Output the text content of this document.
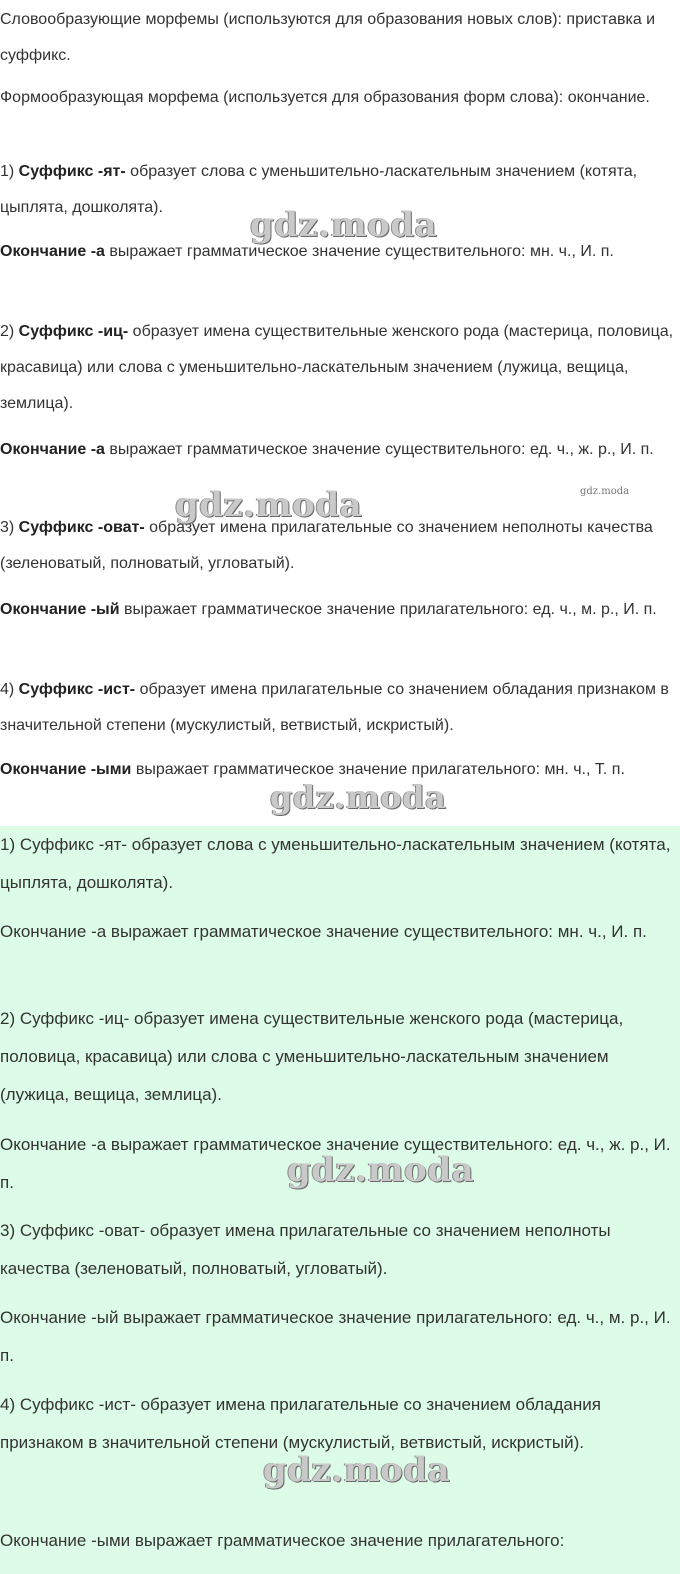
Словообразующие морфемы (используются для образования новых слов): приставка и суффикс.

Формообразующая морфема (используется для образования форм слова): окончание.

1) Суффикс -ят- образует слова с уменьшительно-ласкательным значением (котята, цыплята, дошколята).

Окончание -а выражает грамматическое значение существительного: мн. ч., И. п.

2) Суффикс -иц- образует имена существительные женского рода (мастерица, половица, красавица) или слова с уменьшительно-ласкательным значением (лужица, вещица, землица).

Окончание -а выражает грамматическое значение существительного: ед. ч., ж. р., И. п.

3) Суффикс -оват- образует имена прилагательные со значением неполноты качества (зеленоватый, полноватый, угловатый).

Окончание -ый выражает грамматическое значение прилагательного: ед. ч., м. р., И. п.

4) Суффикс -ист- образует имена прилагательные со значением обладания признаком в значительной степени (мускулистый, ветвистый, искристый).

Окончание -ыми выражает грамматическое значение прилагательного: мн. ч., Т. п.

1) Суффикс -ят- образует слова с уменьшительно-ласкательным значением (котята, цыплята, дошколята).

Окончание -а выражает грамматическое значение существительного: мн. ч., И. п.

2) Суффикс -иц- образует имена существительные женского рода (мастерица, половица, красавица) или слова с уменьшительно-ласкательным значением (лужица, вещица, землица).

Окончание -а выражает грамматическое значение существительного: ед. ч., ж. р., И. п.

3) Суффикс -оват- образует имена прилагательные со значением неполноты качества (зеленоватый, полноватый, угловатый).

Окончание -ый выражает грамматическое значение прилагательного: ед. ч., м. р., И. п.

4) Суффикс -ист- образует имена прилагательные со значением обладания признаком в значительной степени (мускулистый, ветвистый, искристый).

Окончание -ыми выражает грамматическое значение прилагательного:

gdz.moda
gdz.moda	gdz.moda
gdz.moda
gdz.moda
gdz.moda
